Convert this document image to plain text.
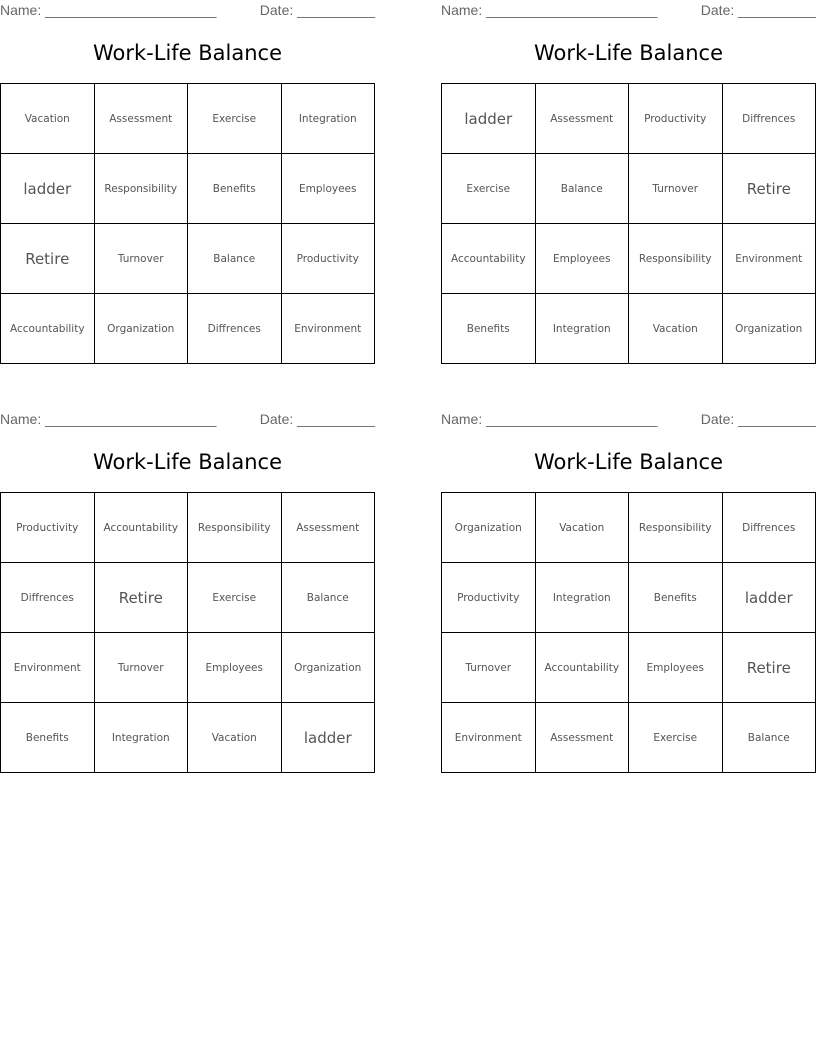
Name: ______________________	Date: __________
Work-Life Balance
Vacation	Assessment	Exercise	Integration
ladder	Responsibility	Benefits	Employees
Retire	Turnover	Balance	Productivity
Accountability	Organization	Diffrences	Environment
Name: ______________________	Date: __________
Work-Life Balance
ladder	Assessment	Productivity	Diffrences
Exercise	Balance	Turnover	Retire
Accountability	Employees	Responsibility	Environment
Benefits	Integration	Vacation	Organization
Name: ______________________	Date: __________
Work-Life Balance
Productivity	Accountability	Responsibility	Assessment
Diffrences	Retire	Exercise	Balance
Environment	Turnover	Employees	Organization
Benefits	Integration	Vacation	ladder
Name: ______________________	Date: __________
Work-Life Balance
Organization	Vacation	Responsibility	Diffrences
Productivity	Integration	Benefits	ladder
Turnover	Accountability	Employees	Retire
Environment	Assessment	Exercise	Balance
